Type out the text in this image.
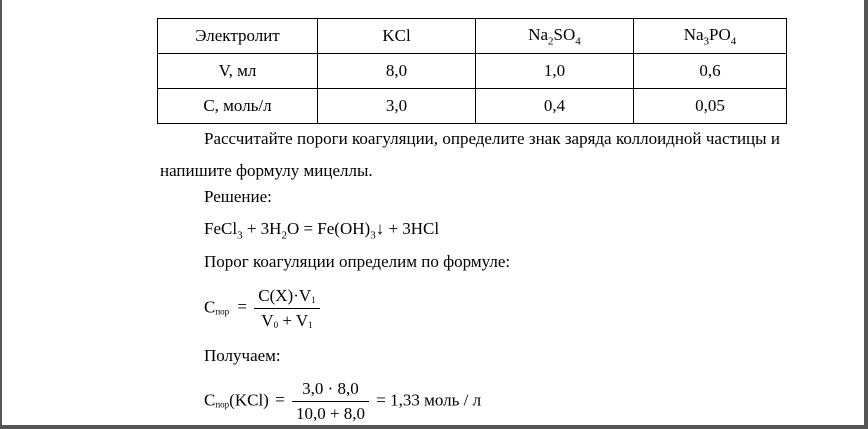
Электролит	KCl	$Na_2SO_4$	$Na_3PO_4$
V, мл	8,0	1,0	0,6
C, моль/л	3,0	0,4	0,05
Рассчитайте пороги коагуляции, определите знак заряда коллоидной частицы и напишите формулу мицеллы.
Решение:
FeCl$_3$ + $3H_2O$ = $Fe(OH)_3↓ + 3HCl$
Порог коагуляции определим по формуле:
Cпор = $\frac{C(X)\cdot V1}{V0 + V1}$
Получаем:
Cпор(KCl) = $\frac{3,0 \cdot 8,0}{10,0 + 8,0} = 1,33$ моль / л
